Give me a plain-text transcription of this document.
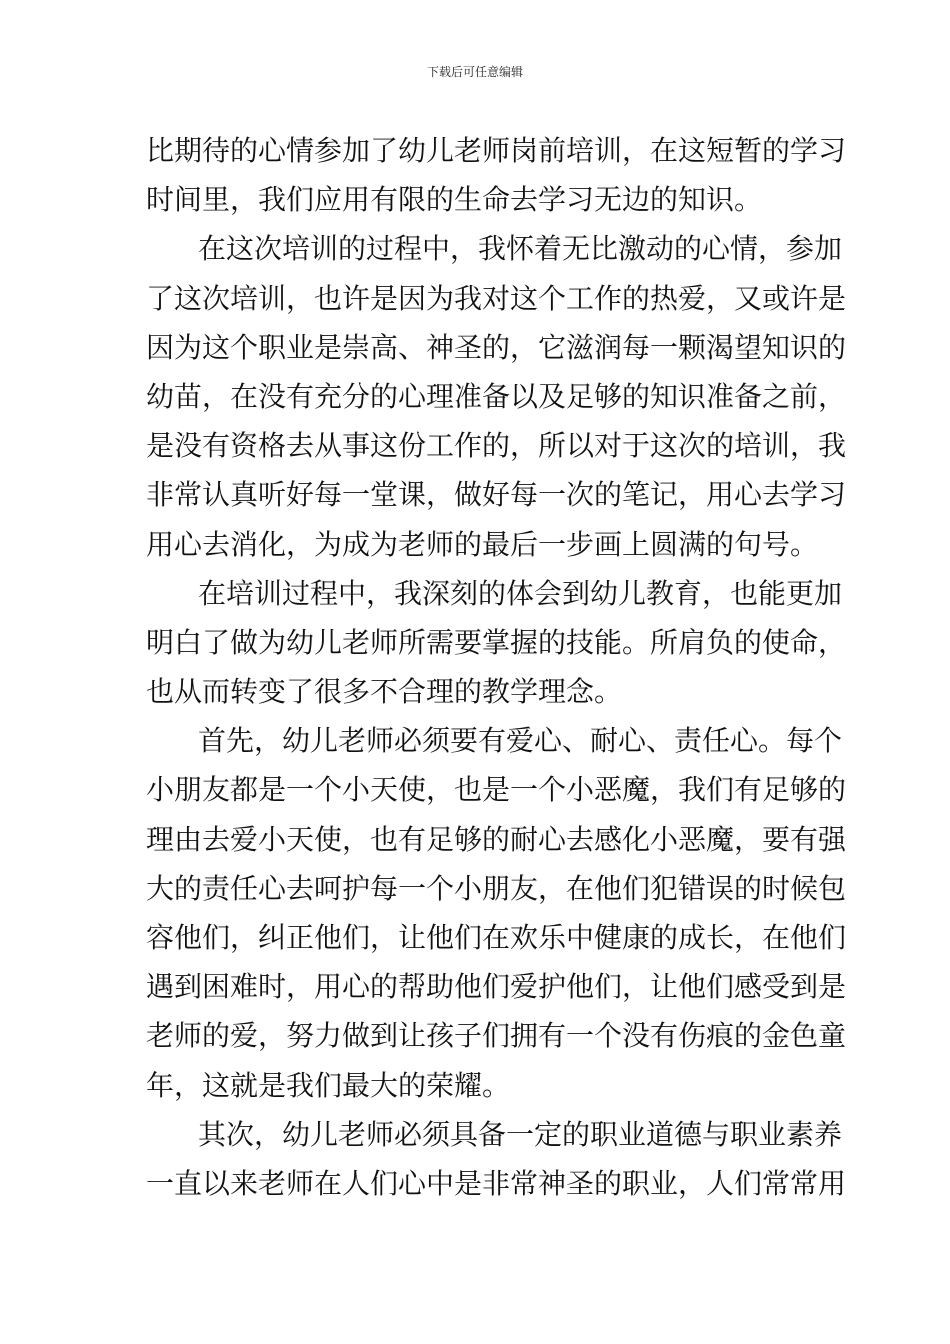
下载后可任意编辑
比期待的心情参加了幼儿老师岗前培训，在这短暂的学习
时间里，我们应用有限的生命去学习无边的知识。
在这次培训的过程中，我怀着无比激动的心情，参加
了这次培训，也许是因为我对这个工作的热爱，又或许是
因为这个职业是崇高、神圣的，它滋润每一颗渴望知识的
幼苗，在没有充分的心理准备以及足够的知识准备之前，
是没有资格去从事这份工作的，所以对于这次的培训，我
非常认真听好每一堂课，做好每一次的笔记，用心去学习
用心去消化，为成为老师的最后一步画上圆满的句号。
在培训过程中，我深刻的体会到幼儿教育，也能更加
明白了做为幼儿老师所需要掌握的技能。所肩负的使命，
也从而转变了很多不合理的教学理念。
首先，幼儿老师必须要有爱心、耐心、责任心。每个
小朋友都是一个小天使，也是一个小恶魔，我们有足够的
理由去爱小天使，也有足够的耐心去感化小恶魔，要有强
大的责任心去呵护每一个小朋友，在他们犯错误的时候包
容他们，纠正他们，让他们在欢乐中健康的成长，在他们
遇到困难时，用心的帮助他们爱护他们，让他们感受到是
老师的爱，努力做到让孩子们拥有一个没有伤痕的金色童
年，这就是我们最大的荣耀。
其次，幼儿老师必须具备一定的职业道德与职业素养
一直以来老师在人们心中是非常神圣的职业，人们常常用
